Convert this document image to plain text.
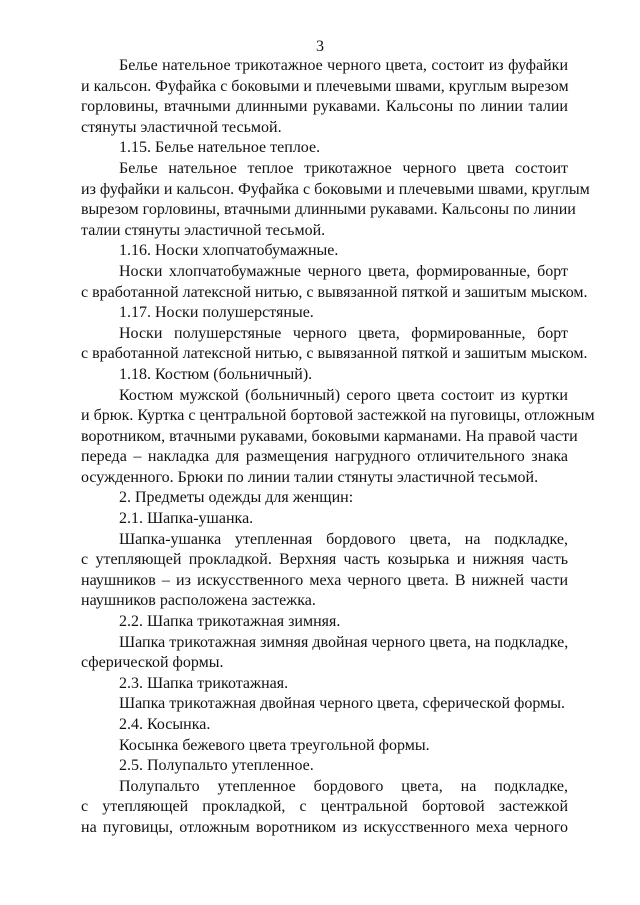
3
Белье нательное трикотажное черного цвета, состоит из фуфайки
и кальсон. Фуфайка с боковыми и плечевыми швами, круглым вырезом
горловины, втачными длинными рукавами. Кальсоны по линии талии
стянуты эластичной тесьмой.
1.15. Белье нательное теплое.
Белье нательное теплое трикотажное черного цвета состоит
из фуфайки и кальсон. Фуфайка с боковыми и плечевыми швами, круглым
вырезом горловины, втачными длинными рукавами. Кальсоны по линии
талии стянуты эластичной тесьмой.
1.16. Носки хлопчатобумажные.
Носки хлопчатобумажные черного цвета, формированные, борт
с вработанной латексной нитью, с вывязанной пяткой и зашитым мыском.
1.17. Носки полушерстяные.
Носки полушерстяные черного цвета, формированные, борт
с вработанной латексной нитью, с вывязанной пяткой и зашитым мыском.
1.18. Костюм (больничный).
Костюм мужской (больничный) серого цвета состоит из куртки
и брюк. Куртка с центральной бортовой застежкой на пуговицы, отложным
воротником, втачными рукавами, боковыми карманами. На правой части
переда – накладка для размещения нагрудного отличительного знака
осужденного. Брюки по линии талии стянуты эластичной тесьмой.
2. Предметы одежды для женщин:
2.1. Шапка-ушанка.
Шапка-ушанка утепленная бордового цвета, на подкладке,
с утепляющей прокладкой. Верхняя часть козырька и нижняя часть
наушников – из искусственного меха черного цвета. В нижней части
наушников расположена застежка.
2.2. Шапка трикотажная зимняя.
Шапка трикотажная зимняя двойная черного цвета, на подкладке,
сферической формы.
2.3. Шапка трикотажная.
Шапка трикотажная двойная черного цвета, сферической формы.
2.4. Косынка.
Косынка бежевого цвета треугольной формы.
2.5. Полупальто утепленное.
Полупальто утепленное бордового цвета, на подкладке,
с утепляющей прокладкой, с центральной бортовой застежкой
на пуговицы, отложным воротником из искусственного меха черного
